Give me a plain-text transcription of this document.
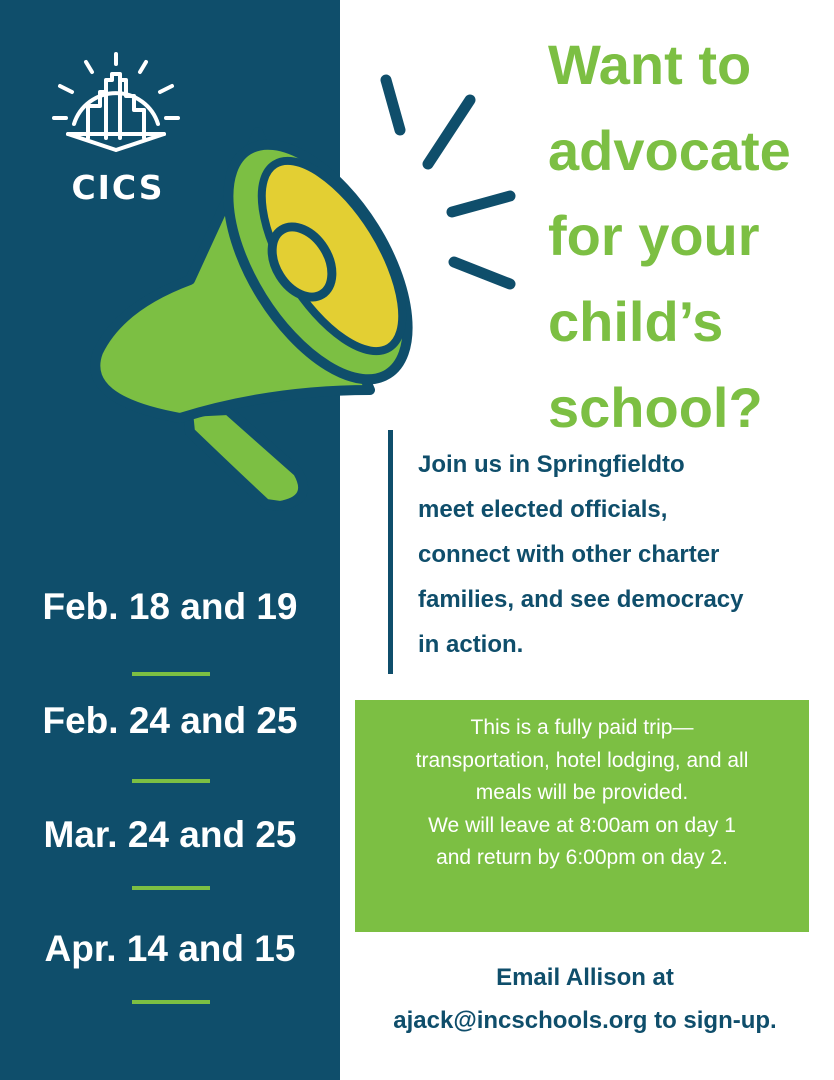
CICS
Feb. 18 and 19
Feb. 24 and 25
Mar. 24 and 25
Apr. 14 and 15
Want to
advocate
for your
child’s
school?
Join us in Springfieldto
meet elected officials,
connect with other charter
families, and see democracy
in action.
This is a fully paid trip—
transportation, hotel lodging, and all
meals will be provided.
We will leave at 8:00am on day 1
and return by 6:00pm on day 2.
Email Allison at
ajack@incschools.org to sign-up.
